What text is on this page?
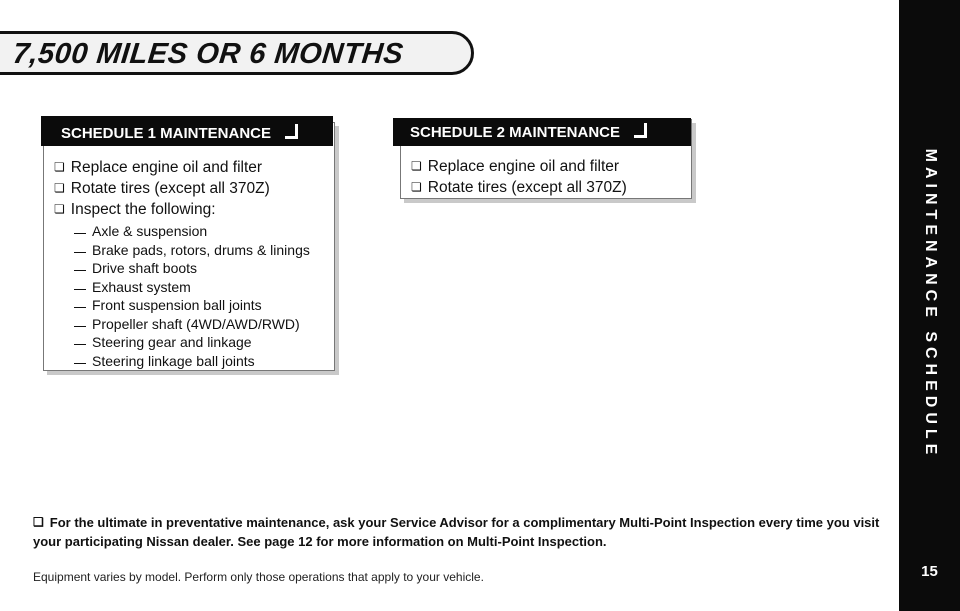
7,500 MILES OR 6 MONTHS
SCHEDULE 1 MAINTENANCE
❏ Replace engine oil and filter
❏ Rotate tires (except all 370Z)
❏ Inspect the following:
Axle & suspension
Brake pads, rotors, drums & linings
Drive shaft boots
Exhaust system
Front suspension ball joints
Propeller shaft (4WD/AWD/RWD)
Steering gear and linkage
Steering linkage ball joints
SCHEDULE 2 MAINTENANCE
❏ Replace engine oil and filter
❏ Rotate tires (except all 370Z)
❏ For the ultimate in preventative maintenance, ask your Service Advisor for a complimentary Multi-Point Inspection every time you visit your participating Nissan dealer. See page 12 for more information on Multi-Point Inspection.
Equipment varies by model. Perform only those operations that apply to your vehicle.
MAINTENANCE SCHEDULE
15
